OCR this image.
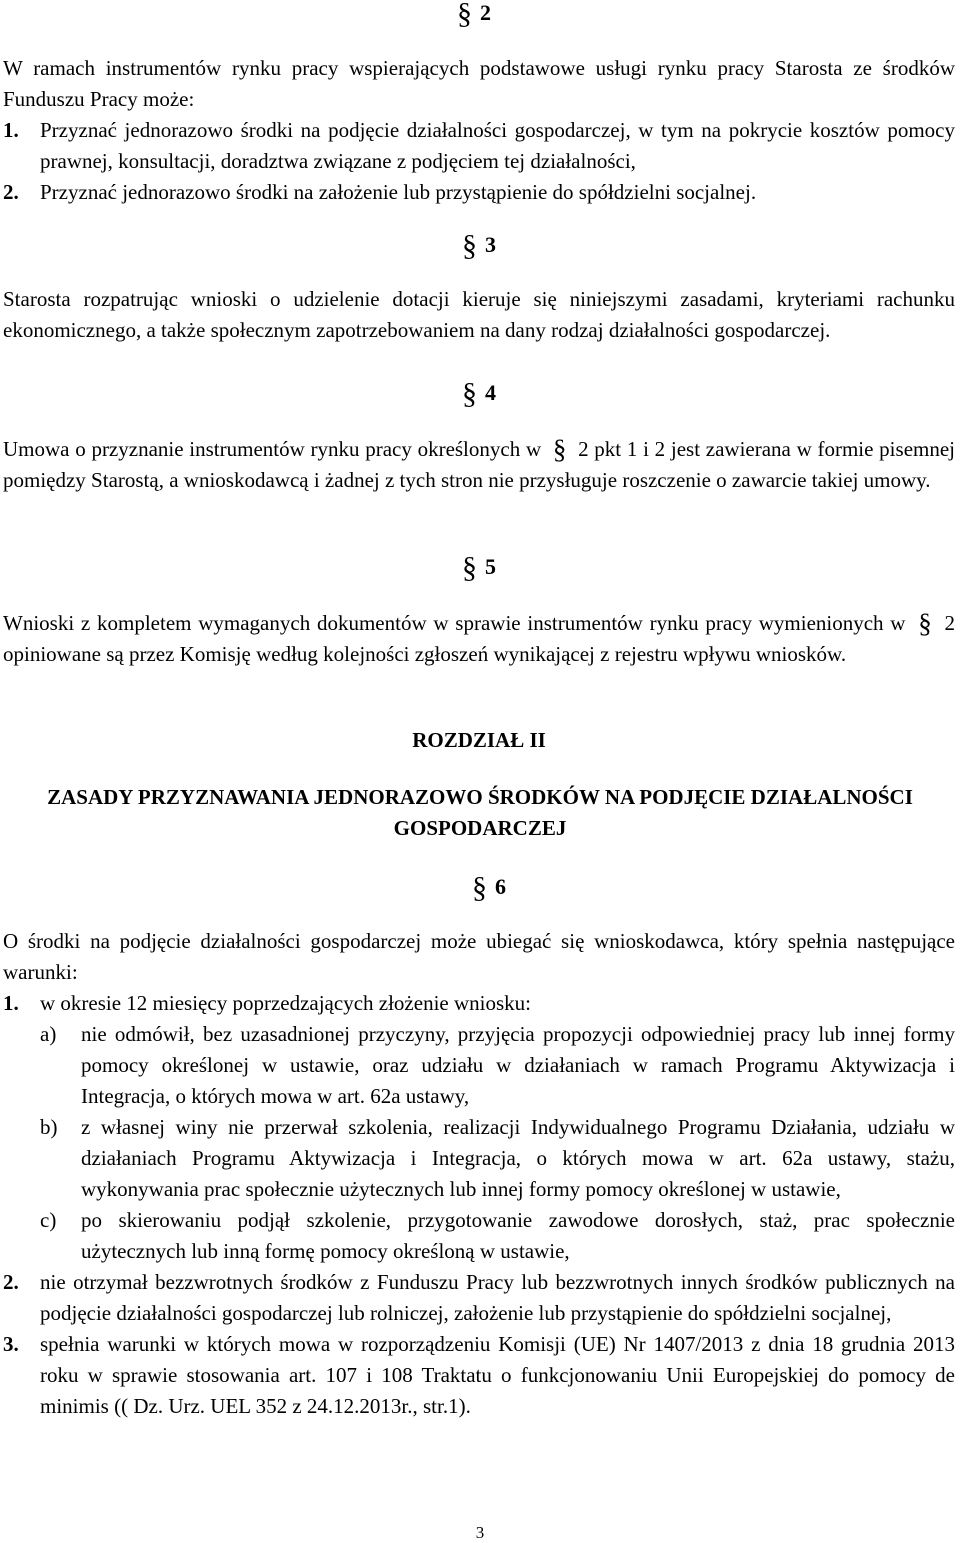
§ 2

W ramach instrumentów rynku pracy wspierających podstawowe usługi rynku pracy Starosta ze środków Funduszu Pracy może:

1. Przyznać jednorazowo środki na podjęcie działalności gospodarczej, w tym na pokrycie kosztów pomocy prawnej, konsultacji, doradztwa związane z podjęciem tej działalności,

2. Przyznać jednorazowo środki na założenie lub przystąpienie do spółdzielni socjalnej.

§ 3
Starosta rozpatrując wnioski o udzielenie dotacji kieruje się niniejszymi zasadami, kryteriami rachunku ekonomicznego, a także społecznym zapotrzebowaniem na dany rodzaj działalności gospodarczej.
§ 4
Umowa o przyznanie instrumentów rynku pracy określonych w § 2 pkt 1 i 2 jest zawierana w formie pisemnej pomiędzy Starostą, a wnioskodawcą i żadnej z tych stron nie przysługuje roszczenie o zawarcie takiej umowy.
§ 5
Wnioski z kompletem wymaganych dokumentów w sprawie instrumentów rynku pracy wymienionych w § 2 opiniowane są przez Komisję według kolejności zgłoszeń wynikającej z rejestru wpływu wniosków.
ROZDZIAŁ II
ZASADY PRZYZNAWANIA JEDNORAZOWO ŚRODKÓW NA PODJĘCIE DZIAŁALNOŚCI GOSPODARCZEJ
§ 6

O środki na podjęcie działalności gospodarczej może ubiegać się wnioskodawca, który spełnia następujące warunki:

1. w okresie 12 miesięcy poprzedzających złożenie wniosku:

a) nie odmówił, bez uzasadnionej przyczyny, przyjęcia propozycji odpowiedniej pracy lub innej formy pomocy określonej w ustawie, oraz udziału w działaniach w ramach Programu Aktywizacja i Integracja, o których mowa w art. 62a ustawy,

b) z własnej winy nie przerwał szkolenia, realizacji Indywidualnego Programu Działania, udziału w działaniach Programu Aktywizacja i Integracja, o których mowa w art. 62a ustawy, stażu, wykonywania prac społecznie użytecznych lub innej formy pomocy określonej w ustawie,

c) po skierowaniu podjął szkolenie, przygotowanie zawodowe dorosłych, staż, prac społecznie użytecznych lub inną formę pomocy określoną w ustawie,

2. nie otrzymał bezzwrotnych środków z Funduszu Pracy lub bezzwrotnych innych środków publicznych na podjęcie działalności gospodarczej lub rolniczej, założenie lub przystąpienie do spółdzielni socjalnej,

3. spełnia warunki w których mowa w rozporządzeniu Komisji (UE) Nr 1407/2013 z dnia 18 grudnia 2013 roku w sprawie stosowania art. 107 i 108 Traktatu o funkcjonowaniu Unii Europejskiej do pomocy de minimis (( Dz. Urz. UEL 352 z 24.12.2013r., str.1).

3
